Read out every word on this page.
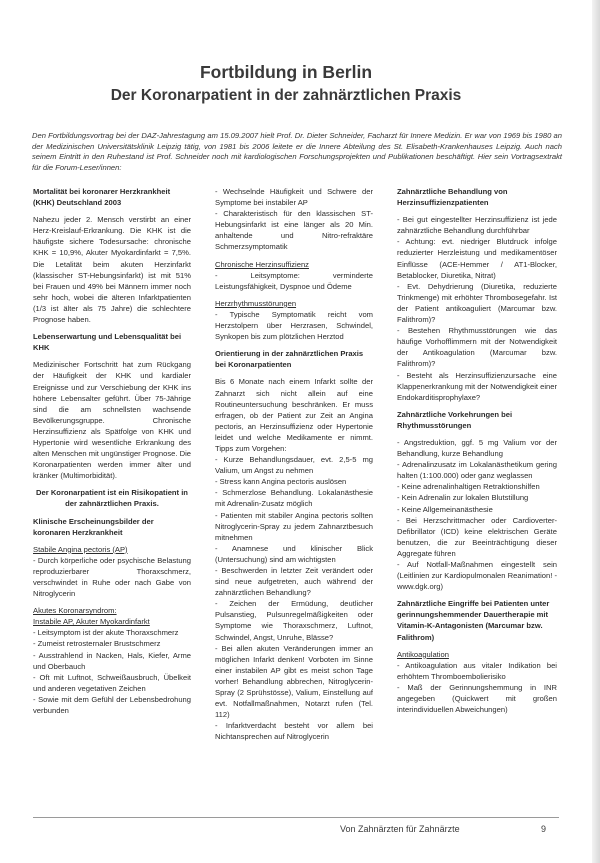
Fortbildung in Berlin
Der Koronarpatient in der zahnärztlichen Praxis
Den Fortbildungsvortrag bei der DAZ-Jahrestagung am 15.09.2007 hielt Prof. Dr. Dieter Schneider, Facharzt für Innere Medizin. Er war von 1969 bis 1980 an der Medizinischen Universitätsklinik Leipzig tätig, von 1981 bis 2006 leitete er die Innere Abteilung des St. Elisabeth-Krankenhauses Leipzig. Auch nach seinem Eintritt in den Ruhestand ist Prof. Schneider noch mit kardiologischen Forschungsprojekten und Publikationen beschäftigt. Hier sein Vortragsextrakt für die Forum-Leser/innen:

Mortalität bei koronarer Herzkrankheit (KHK) Deutschland 2003

Nahezu jeder 2. Mensch verstirbt an einer Herz-Kreislauf-Erkrankung. Die KHK ist die häufigste sichere Todesursache: chronische KHK = 10,9%, Akuter Myokardinfarkt = 7,5%. Die Letalität beim akuten Herzinfarkt (klassischer ST-Hebungsinfarkt) ist mit 51% bei Frauen und 49% bei Männern immer noch sehr hoch, wobei die älteren Infarktpatienten (1/3 ist älter als 75 Jahre) die schlechtere Prognose haben.

Lebenserwartung und Lebensqualität bei KHK

Medizinischer Fortschritt hat zum Rückgang der Häufigkeit der KHK und kardialer Ereignisse und zur Verschiebung der KHK ins höhere Lebensalter geführt. Über 75-Jährige sind die am schnellsten wachsende Bevölkerungsgruppe. Chronische Herzinsuffizienz als Spätfolge von KHK und Hypertonie wird wesentliche Erkrankung des alten Menschen mit ungünstiger Prognose. Die Koronarpatienten werden immer älter und kränker (Multimorbidität).

Der Koronarpatient ist ein Risikopatient in der zahnärztlichen Praxis.

Klinische Erscheinungsbilder der koronaren Herzkrankheit

Stabile Angina pectoris (AP)

- Durch körperliche oder psychische Belastung reproduzierbarer Thoraxschmerz, verschwindet in Ruhe oder nach Gabe von Nitroglycerin

Akutes Koronarsyndrom:

Instabile AP, Akuter Myokardinfarkt

- Leitsymptom ist der akute Thoraxschmerz

- Zumeist retrosternaler Brustschmerz

- Ausstrahlend in Nacken, Hals, Kiefer, Arme und Oberbauch

- Oft mit Luftnot, Schweißausbruch, Übelkeit und anderen vegetativen Zeichen

- Sowie mit dem Gefühl der Lebensbedrohung verbunden

- Wechselnde Häufigkeit und Schwere der Symptome bei instabiler AP

- Charakteristisch für den klassischen ST-Hebungsinfarkt ist eine länger als 20 Min. anhaltende und Nitro-refraktäre Schmerzsymptomatik

Chronische Herzinsuffizienz

- Leitsymptome: verminderte Leistungsfähigkeit, Dyspnoe und Ödeme

Herzrhythmusstörungen

- Typische Symptomatik reicht vom Herzstolpern über Herzrasen, Schwindel, Synkopen bis zum plötzlichen Herztod

Orientierung in der zahnärztlichen Praxis bei Koronarpatienten

Bis 6 Monate nach einem Infarkt sollte der Zahnarzt sich nicht allein auf eine Routineuntersuchung beschränken. Er muss erfragen, ob der Patient zur Zeit an Angina pectoris, an Herzinsuffizienz oder Hypertonie leidet und welche Medikamente er nimmt. Tipps zum Vorgehen:

- Kurze Behandlungsdauer, evt. 2,5-5 mg Valium, um Angst zu nehmen

- Stress kann Angina pectoris auslösen

- Schmerzlose Behandlung. Lokalanästhesie mit Adrenalin-Zusatz möglich

- Patienten mit stabiler Angina pectoris sollten Nitroglycerin-Spray zu jedem Zahnarztbesuch mitnehmen

- Anamnese und klinischer Blick (Untersuchung) sind am wichtigsten

- Beschwerden in letzter Zeit verändert oder sind neue aufgetreten, auch während der zahnärztlichen Behandlung?

- Zeichen der Ermüdung, deutlicher Pulsanstieg, Pulsunregelmäßigkeiten oder Symptome wie Thoraxschmerz, Luftnot, Schwindel, Angst, Unruhe, Blässe?

- Bei allen akuten Veränderungen immer an möglichen Infarkt denken! Vorboten im Sinne einer instabilen AP gibt es meist schon Tage vorher! Behandlung abbrechen, Nitroglycerin-Spray (2 Sprühstösse), Valium, Einstellung auf evt. Notfallmaßnahmen, Notarzt rufen (Tel. 112)

- Infarktverdacht besteht vor allem bei Nichtansprechen auf Nitroglycerin

Zahnärztliche Behandlung von Herzinsuffizienzpatienten

- Bei gut eingestellter Herzinsuffizienz ist jede zahnärztliche Behandlung durchführbar

- Achtung: evt. niedriger Blutdruck infolge reduzierter Herzleistung und medikamentöser Einflüsse (ACE-Hemmer / AT1-Blocker, Betablocker, Diuretika, Nitrat)

- Evt. Dehydrierung (Diuretika, reduzierte Trinkmenge) mit erhöhter Thrombosegefahr. Ist der Patient antikoaguliert (Marcumar bzw. Falithrom)?

- Bestehen Rhythmusstörungen wie das häufige Vorhofflimmern mit der Notwendigkeit der Antikoagulation (Marcumar bzw. Falithrom)?

- Besteht als Herzinsuffizienzursache eine Klappenerkrankung mit der Notwendigkeit einer Endokarditisprophylaxe?

Zahnärztliche Vorkehrungen bei Rhythmusstörungen

- Angstreduktion, ggf. 5 mg Valium vor der Behandlung, kurze Behandlung

- Adrenalinzusatz im Lokalanästhetikum gering halten (1:100.000) oder ganz weglassen

- Keine adrenalinhaltigen Retraktionshilfen

- Kein Adrenalin zur lokalen Blutstillung

- Keine Allgemeinanästhesie

- Bei Herzschrittmacher oder Cardioverter-Defibrillator (ICD) keine elektrischen Geräte benutzen, die zur Beeinträchtigung dieser Aggregate führen

- Auf Notfall-Maßnahmen eingestellt sein (Leitlinien zur Kardiopulmonalen Reanimation! - www.dgk.org)

Zahnärztliche Eingriffe bei Patienten unter gerinnungshemmender Dauertherapie mit Vitamin-K-Antagonisten (Marcumar bzw. Falithrom)

Antikoagulation

- Antikoagulation aus vitaler Indikation bei erhöhtem Thromboembolierisiko

- Maß der Gerinnungshemmung in INR angegeben (Quickwert mit großen interindividuellen Abweichungen)

Von Zahnärzten für Zahnärzte	9
